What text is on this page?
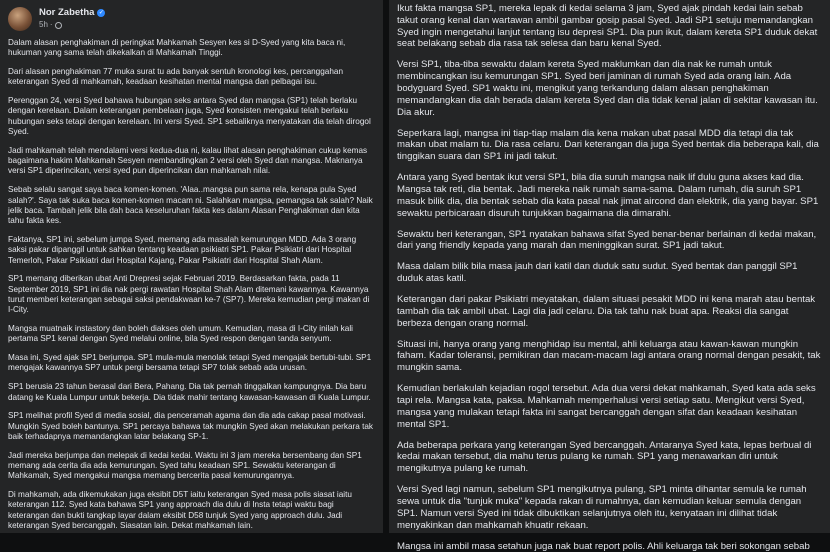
Nor Zabetha ✓
5h ·

Dalam alasan penghakiman di peringkat Mahkamah Sesyen kes si D-Syed yang kita baca ni, hukuman yang sama telah dikekalkan di Mahkamah Tinggi.

Dari alasan penghakiman 77 muka surat tu ada banyak sentuh kronologi kes, percanggahan keterangan Syed di mahkamah, keadaan kesihatan mental mangsa dan pelbagai isu.

Perenggan 24, versi Syed bahawa hubungan seks antara Syed dan mangsa (SP1) telah berlaku dengan kerelaan. Dalam keterangan pembelaan juga, Syed konsisten mengakui telah berlaku hubungan seks tetapi dengan kerelaan. Ini versi Syed. SP1 sebaliknya menyatakan dia telah dirogol Syed.

Jadi mahkamah telah mendalami versi kedua-dua ni, kalau lihat alasan penghakiman cukup kemas bagaimana hakim Mahkamah Sesyen membandingkan 2 versi oleh Syed dan mangsa. Maknanya versi SP1 diperincikan, versi syed pun diperincikan dan mahkamah nilai.

Sebab selalu sangat saya baca komen-komen. 'Alaa..mangsa pun sama rela, kenapa pula Syed salah?'. Saya tak suka baca komen-komen macam ni. Salahkan mangsa, pemangsa tak salah? Naik jelik baca. Tambah jelik bila dah baca keseluruhan fakta kes dalam Alasan Penghakiman dan kita tahu fakta kes.

Faktanya, SP1 ini, sebelum jumpa Syed, memang ada masalah kemurungan MDD. Ada 3 orang saksi pakar dipanggil untuk sahkan tentang keadaan psikiatri SP1. Pakar Psikiatri dari Hospital Temerloh, Pakar Psikiatri dari Hospital Kajang, Pakar Psikiatri dari Hospital Shah Alam.

SP1 memang diberikan ubat Anti Drepresi sejak Februari 2019. Berdasarkan fakta, pada 11 September 2019, SP1 ini dia nak pergi rawatan Hospital Shah Alam ditemani kawannya. Kawannya turut memberi keterangan sebagai saksi pendakwaan ke-7 (SP7). Mereka kemudian pergi makan di I-City.

Mangsa muatnaik instastory dan boleh diakses oleh umum. Kemudian, masa di I-City inilah kali pertama SP1 kenal dengan Syed melalui online, bila Syed respon dengan tanda senyum.

Masa ini, Syed ajak SP1 berjumpa. SP1 mula-mula menolak tetapi Syed mengajak bertubi-tubi. SP1 mengajak kawannya SP7 untuk pergi bersama tetapi SP7 tolak sebab ada urusan.

SP1 berusia 23 tahun berasal dari Bera, Pahang. Dia tak pernah tinggalkan kampungnya. Dia baru datang ke Kuala Lumpur untuk bekerja. Dia tidak mahir tentang kawasan-kawasan di Kuala Lumpur.

SP1 melihat profil Syed di media sosial, dia penceramah agama dan dia ada cakap pasal motivasi. Mungkin Syed boleh bantunya. SP1 percaya bahawa tak mungkin Syed akan melakukan perkara tak baik terhadapnya memandangkan latar belakang SP-1.

Jadi mereka berjumpa dan melepak di kedai kedai. Waktu ini 3 jam mereka bersembang dan SP1 memang ada cerita dia ada kemurungan. Syed tahu keadaan SP1. Sewaktu keterangan di Mahkamah, Syed mengakui mangsa memang bercerita pasal kemurungannya.

Di mahkamah, ada dikemukakan juga eksibit D5T iaitu keterangan Syed masa polis siasat iaitu keterangan 112. Syed kata bahawa SP1 yang approach dia dulu di Insta tetapi waktu bagi keterangan dan bukti tangkap layar dalam eksibit D58 tunjuk Syed yang approach dulu. Jadi keterangan Syed bercanggah. Siasatan lain. Dekat mahkamah lain.

Ikut fakta mangsa SP1, mereka lepak di kedai selama 3 jam, Syed ajak pindah kedai lain sebab takut orang kenal dan wartawan ambil gambar gosip pasal Syed. Jadi SP1 setuju memandangkan Syed ingin mengetahui lanjut tentang isu depresi SP1. Dia pun ikut, dalam kereta SP1 duduk dekat seat belakang sebab dia rasa tak selesa dan baru kenal Syed.

Versi SP1, tiba-tiba sewaktu dalam kereta Syed maklumkan dan dia nak ke rumah untuk membincangkan isu kemurungan SP1. Syed beri jaminan di rumah Syed ada orang lain. Ada bodyguard Syed. SP1 waktu ini, mengikut yang terkandung dalam alasan penghakiman memandangkan dia dah berada dalam kereta Syed dan dia tidak kenal jalan di sekitar kawasan itu. Dia akur.

Seperkara lagi, mangsa ini tiap-tiap malam dia kena makan ubat pasal MDD dia tetapi dia tak makan ubat malam tu. Dia rasa celaru. Dari keterangan dia juga Syed bentak dia beberapa kali, dia tinggikan suara dan SP1 ini jadi takut.

Antara yang Syed bentak ikut versi SP1, bila dia suruh mangsa naik lif dulu guna akses kad dia. Mangsa tak reti, dia bentak. Jadi mereka naik rumah sama-sama. Dalam rumah, dia suruh SP1 masuk bilik dia, dia bentak sebab dia kata pasal nak jimat aircond dan elektrik, dia yang bayar. SP1 sewaktu perbicaraan disuruh tunjukkan bagaimana dia dimarahi.

Sewaktu beri keterangan, SP1 nyatakan bahawa sifat Syed benar-benar berlainan di kedai makan, dari yang friendly kepada yang marah dan meninggikan surat. SP1 jadi takut.

Masa dalam bilik bila masa jauh dari katil dan duduk satu sudut. Syed bentak dan panggil SP1 duduk atas katil.

Keterangan dari pakar Psikiatri meyatakan, dalam situasi pesakit MDD ini kena marah atau bentak tambah dia tak ambil ubat. Lagi dia jadi celaru. Dia tak tahu nak buat apa. Reaksi dia sangat berbeza dengan orang normal.

Situasi ini, hanya orang yang menghidap isu mental, ahli keluarga atau kawan-kawan mungkin faham. Kadar toleransi, pemikiran dan macam-macam lagi antara orang normal dengan pesakit, tak mungkin sama.

Kemudian berlakulah kejadian rogol tersebut. Ada dua versi dekat mahkamah, Syed kata ada seks tapi rela. Mangsa kata, paksa. Mahkamah memperhalusi versi setiap satu. Mengikut versi Syed, mangsa yang mulakan tetapi fakta ini sangat bercanggah dengan sifat dan keadaan kesihatan mental SP1.

Ada beberapa perkara yang keterangan Syed bercanggah. Antaranya Syed kata, lepas berbual di kedai makan tersebut, dia mahu terus pulang ke rumah. SP1 yang menawarkan diri untuk mengikutnya pulang ke rumah.

Versi Syed lagi namun, sebelum SP1 mengikutnya pulang, SP1 minta dihantar semula ke rumah sewa untuk dia "tunjuk muka" kepada rakan di rumahnya, dan kemudian keluar semula dengan SP1. Namun versi Syed ini tidak dibuktikan selanjutnya oleh itu, kenyataan ini dilihat tidak menyakinkan dan mahkamah khuatir rekaan.

Mangsa ini ambil masa setahun juga nak buat report polis. Ahli keluarga tak beri sokongan sebab
